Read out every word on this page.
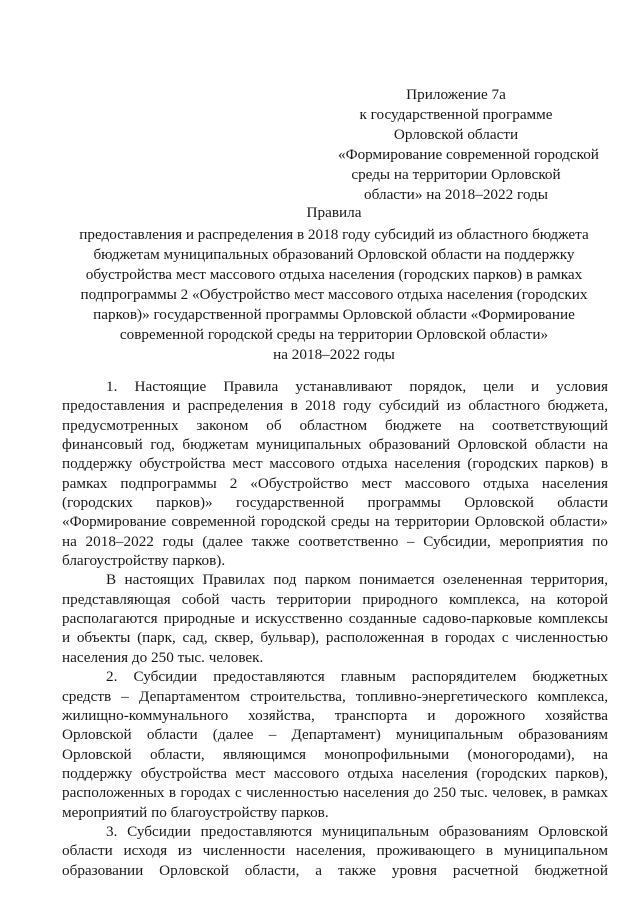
Приложение 7а
к государственной программе
Орловской области
«Формирование современной городской
среды на территории Орловской
области» на 2018–2022 годы
Правила
предоставления и распределения в 2018 году субсидий из областного бюджета
бюджетам муниципальных образований Орловской области на поддержку
обустройства мест массового отдыха населения (городских парков) в рамках
подпрограммы 2 «Обустройство мест массового отдыха населения (городских
парков)» государственной программы Орловской области «Формирование
современной городской среды на территории Орловской области»
на 2018–2022 годы

1. Настоящие Правила устанавливают порядок, цели и условия
предоставления и распределения в 2018 году субсидий из областного бюджета,
предусмотренных законом об областном бюджете на соответствующий
финансовый год, бюджетам муниципальных образований Орловской области на
поддержку обустройства мест массового отдыха населения (городских парков) в
рамках подпрограммы 2 «Обустройство мест массового отдыха населения
(городских парков)» государственной программы Орловской области
«Формирование современной городской среды на территории Орловской области»
на 2018–2022 годы (далее также соответственно – Субсидии, мероприятия по
благоустройству парков).

В настоящих Правилах под парком понимается озелененная территория,
представляющая собой часть территории природного комплекса, на которой
располагаются природные и искусственно созданные садово-парковые комплексы
и объекты (парк, сад, сквер, бульвар), расположенная в городах с численностью
населения до 250 тыс. человек.

2. Субсидии предоставляются главным распорядителем бюджетных
средств – Департаментом строительства, топливно-энергетического комплекса,
жилищно-коммунального хозяйства, транспорта и дорожного хозяйства
Орловской области (далее – Департамент) муниципальным образованиям
Орловской области, являющимся монопрофильными (моногородами), на
поддержку обустройства мест массового отдыха населения (городских парков),
расположенных в городах с численностью населения до 250 тыс. человек, в рамках
мероприятий по благоустройству парков.

3. Субсидии предоставляются муниципальным образованиям Орловской
области исходя из численности населения, проживающего в муниципальном
образовании Орловской области, а также уровня расчетной бюджетной
